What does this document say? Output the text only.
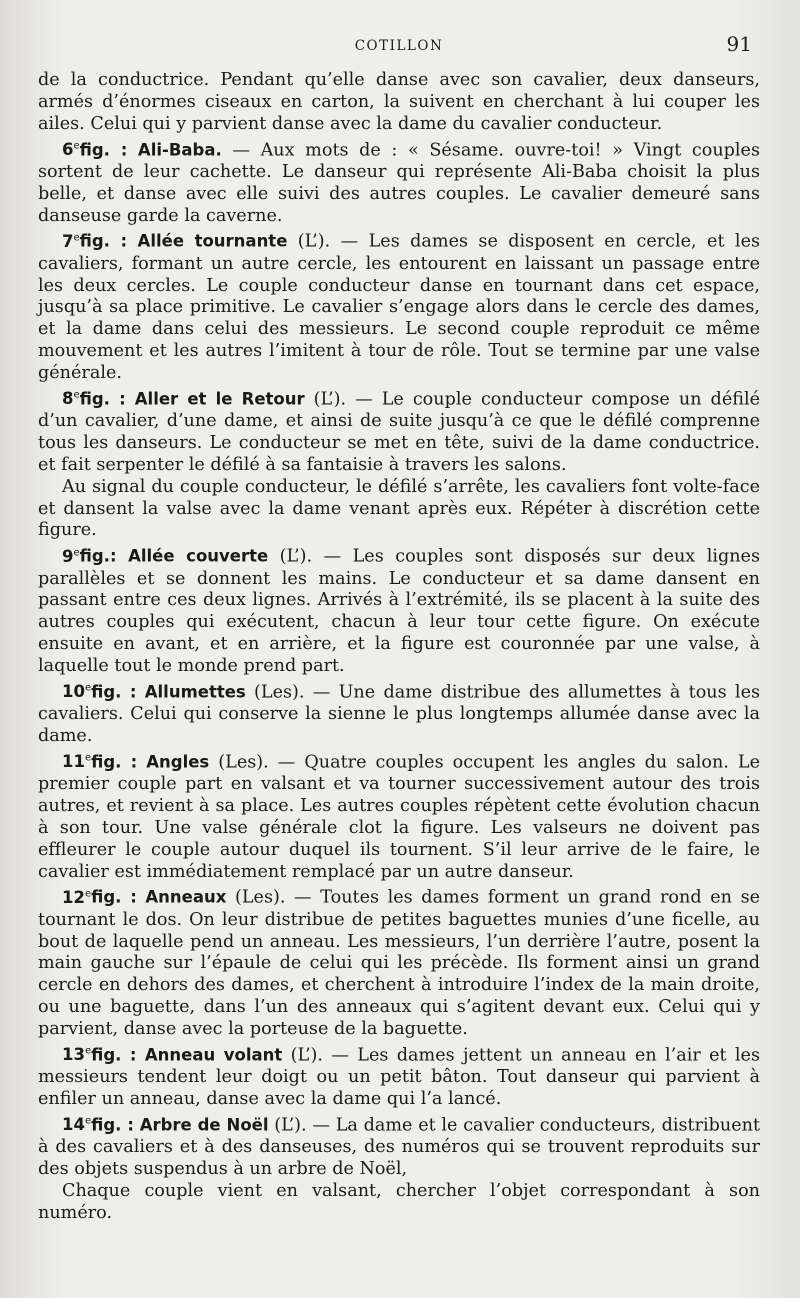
COTILLON	91

de la conductrice. Pendant qu’elle danse avec son cavalier, deux danseurs, armés d’énormes ciseaux en carton, la suivent en cherchant à lui couper les ailes. Celui qui y parvient danse avec la dame du cavalier conducteur.

6efig. : Ali-Baba. — Aux mots de : « Sésame. ouvre-toi! » Vingt couples sortent de leur cachette. Le danseur qui représente Ali-Baba choisit la plus belle, et danse avec elle suivi des autres couples. Le cavalier demeuré sans danseuse garde la caverne.

7efig. : Allée tournante (L’). — Les dames se disposent en cercle, et les cavaliers, formant un autre cercle, les entourent en laissant un passage entre les deux cercles. Le couple conducteur danse en tournant dans cet espace, jusqu’à sa place primitive. Le cavalier s’engage alors dans le cercle des dames, et la dame dans celui des messieurs. Le second couple reproduit ce même mouvement et les autres l’imitent à tour de rôle. Tout se termine par une valse générale.

8efig. : Aller et le Retour (L’). — Le couple conducteur compose un défilé d’un cavalier, d’une dame, et ainsi de suite jusqu’à ce que le défilé comprenne tous les danseurs. Le conducteur se met en tête, suivi de la dame conductrice. et fait serpenter le défilé à sa fantaisie à travers les salons.

Au signal du couple conducteur, le défilé s’arrête, les cavaliers font volte-face et dansent la valse avec la dame venant après eux. Répéter à discrétion cette figure.

9efig.: Allée couverte (L’). — Les couples sont disposés sur deux lignes parallèles et se donnent les mains. Le conducteur et sa dame dansent en passant entre ces deux lignes. Arrivés à l’extrémité, ils se placent à la suite des autres couples qui exécutent, chacun à leur tour cette figure. On exécute ensuite en avant, et en arrière, et la figure est couronnée par une valse, à laquelle tout le monde prend part.

10efig. : Allumettes (Les). — Une dame distribue des allumettes à tous les cavaliers. Celui qui conserve la sienne le plus longtemps allumée danse avec la dame.

11efig. : Angles (Les). — Quatre couples occupent les angles du salon. Le premier couple part en valsant et va tourner successivement autour des trois autres, et revient à sa place. Les autres couples répètent cette évolution chacun à son tour. Une valse générale clot la figure. Les valseurs ne doivent pas effleurer le couple autour duquel ils tournent. S’il leur arrive de le faire, le cavalier est immédiatement remplacé par un autre danseur.

12efig. : Anneaux (Les). — Toutes les dames forment un grand rond en se tournant le dos. On leur distribue de petites baguettes munies d’une ficelle, au bout de laquelle pend un anneau. Les messieurs, l’un derrière l’autre, posent la main gauche sur l’épaule de celui qui les précède. Ils forment ainsi un grand cercle en dehors des dames, et cherchent à introduire l’index de la main droite, ou une baguette, dans l’un des anneaux qui s’agitent devant eux. Celui qui y parvient, danse avec la porteuse de la baguette.

13efig. : Anneau volant (L’). — Les dames jettent un anneau en l’air et les messieurs tendent leur doigt ou un petit bâton. Tout danseur qui parvient à enfiler un anneau, danse avec la dame qui l’a lancé.

14efig. : Arbre de Noël (L’). — La dame et le cavalier conducteurs, distribuent à des cavaliers et à des danseuses, des numéros qui se trouvent reproduits sur des objets suspendus à un arbre de Noël,

Chaque couple vient en valsant, chercher l’objet correspondant à son numéro.
